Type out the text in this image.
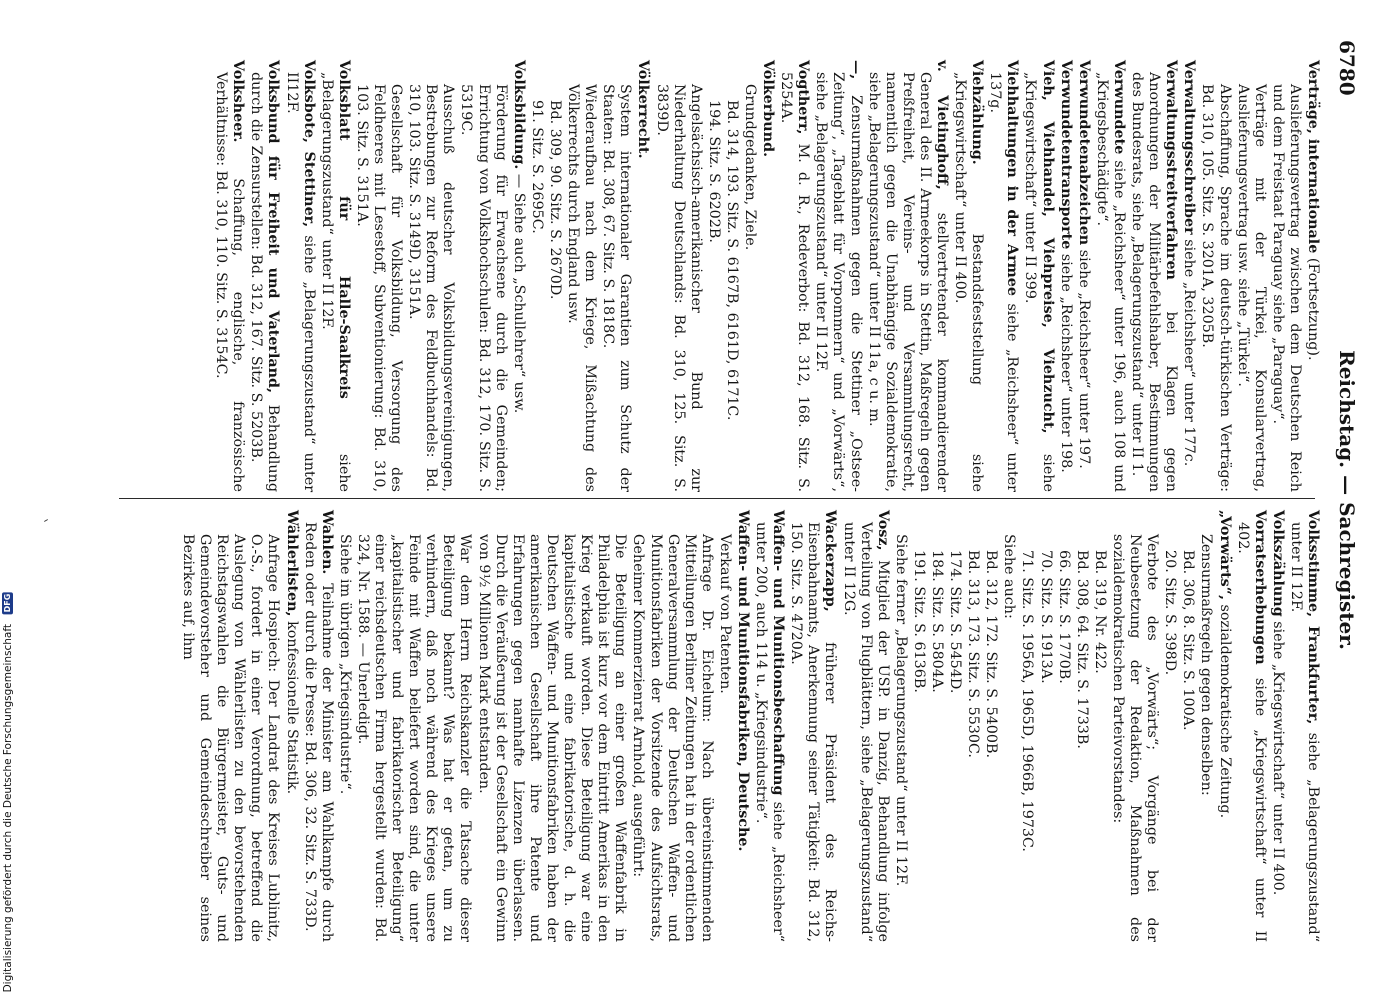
6780
Reichstag. — Sachregister.
Verträge, internationale (Fortsetzung).
Auslieferungsvertrag zwischen dem Deutschen Reich und dem Freistaat Paraguay siehe „Paraguay“.
Verträge mit der Türkei, Konsularvertrag, Auslieferungsvertrag usw. siehe „Türkei“.
Abschaffung, Sprache im deutsch-türkischen Verträge: Bd. 310, 105. Sitz. S. 3201A, 3205B.
Verwaltungsschreiber siehe „Reichsheer“ unter 177c.
Verwaltungsstreitverfahren bei Klagen gegen Anordnungen der Militärbefehlshaber, Bestimmungen des Bundesrats, siehe „Belagerungszustand“ unter II 1.
Verwundete siehe „Reichsheer“ unter 196, auch 108 und „Kriegsbeschädigte“.
Verwundetenabzeichen siehe „Reichsheer“ unter 197.
Verwundetentransporte siehe „Reichsheer“ unter 198.
Vieh, Viehhandel, Viehpreise, Viehzucht, siehe „Kriegswirtschaft“ unter II 399.
Viehhaltungen in der Armee siehe „Reichsheer“ unter 137g.
Viehzählung. Bestandsfeststellung siehe „Kriegswirtschaft“ unter II 400.
v. Vietinghoff, stellvertretender kommandierender General des II. Armeekorps in Stettin, Maßregeln gegen Preßfreiheit, Vereins- und Versammlungsrecht, namentlich gegen die Unabhängige Sozialdemokratie, siehe „Belagerungszustand“ unter II 11a, c u. m.
—, Zensurmaßnahmen gegen die Stettiner „Ostsee-Zeitung“, „Tageblatt für Vorpommern“ und „Vorwärts“, siehe „Belagerungszustand“ unter II 12F.
Vogtherr, M. d. R., Redeverbot: Bd. 312, 168. Sitz. S. 5254A.
Völkerbund.
Grundgedanken, Ziele.
Bd. 314, 193. Sitz. S. 6167B, 6161D, 6171C.
194. Sitz. S. 6202B.
Angelsächsisch-amerikanischer Bund zur Niederhaltung Deutschlands: Bd. 310, 125. Sitz. S. 3839D.
Völkerrecht.
System internationaler Garantien zum Schutz der Staaten: Bd. 308, 67. Sitz. S. 1818C.
Wiederaufbau nach dem Kriege, Mißachtung des Völkerrechts durch England usw.
Bd. 309, 90. Sitz. S. 2670D.
91. Sitz. S. 2695C.
Volksbildung. — Siehe auch „Schullehrer“ usw.
Förderung für Erwachsene durch die Gemeinden; Errichtung von Volkshochschulen: Bd. 312, 170. Sitz. S. 5319C.
Ausschuß deutscher Volksbildungsvereinigungen, Bestrebungen zur Reform des Feldbuchhandels: Bd. 310, 103. Sitz. S. 3149D, 3151A.
Gesellschaft für Volksbildung, Versorgung des Feldheeres mit Lesestoff, Subventionierung: Bd. 310, 103. Sitz. S. 3151A.
Volksblatt für Halle-Saalkreis siehe „Belagerungszustand“ unter II 12F.
Volksbote, Stettiner, siehe „Belagerungszustand“ unter II12F.
Volksbund für Freiheit und Vaterland, Behandlung durch die Zensurstellen: Bd. 312, 167. Sitz. S. 5203B.
Volksheer. Schaffung, englische, französische Verhältnisse: Bd. 310, 110. Sitz. S. 3154C.
Volksstimme, Frankfurter, siehe „Belagerungszustand“ unter II 12F.
Volkszählung siehe „Kriegswirtschaft“ unter II 400.
Vorratserhebungen siehe „Kriegswirtschaft“ unter II 402.
„Vorwärts“, sozialdemokratische Zeitung.
Zensurmaßregeln gegen denselben:
Bd. 306, 8. Sitz. S. 100A.
20. Sitz. S. 398D.
Verbote des „Vorwärts“; Vorgänge bei der Neubesetzung der Redaktion, Maßnahmen des sozialdemokratischen Parteivorstandes:
Bd. 319, Nr. 422.
Bd. 308, 64. Sitz. S. 1733B.
66. Sitz. S. 1770B.
70. Sitz. S. 1913A.
71. Sitz. S. 1956A, 1965D, 1966B, 1973C.
Siehe auch:
Bd. 312, 172. Sitz. S. 5400B.
Bd. 313, 173. Sitz. S. 5530C.
174. Sitz. S. 5454D.
184. Sitz. S. 5804A.
191. Sitz. S. 6136B.
Siehe ferner „Belagerungszustand“ unter II 12F.
Vosz, Mitglied der USP. in Danzig, Behandlung infolge Verteilung von Flugblättern, siehe „Belagerungszustand“ unter II 12G.
Wackerzapp, früherer Präsident des Reichs-Eisenbahnamts, Anerkennung seiner Tätigkeit: Bd. 312, 150. Sitz. S. 4720A.
Waffen- und Munitionsbeschaffung siehe „Reichsheer“ unter 200, auch 114 u. „Kriegsindustrie“.
Waffen- und Munitionsfabriken, Deutsche.
Verkauf von Patenten.
Anfrage Dr. Eichelum: Nach übereinstimmenden Mitteilungen Berliner Zeitungen hat in der ordentlichen Generalversammlung der Deutschen Waffen- und Munitionsfabriken der Vorsitzende des Aufsichtsrats, Geheimer Kommerzienrat Arnhold, ausgeführt:
Die Beteiligung an einer großen Waffenfabrik in Philadelphia ist kurz vor dem Eintritt Amerikas in den Krieg verkauft worden. Diese Beteiligung war eine kapitalistische und eine fabrikatorische, d. h. die Deutschen Waffen- und Munitionsfabriken haben der amerikanischen Gesellschaft ihre Patente und Erfahrungen gegen namhafte Lizenzen überlassen. Durch die Veräußerung ist der Gesellschaft ein Gewinn von 9½ Millionen Mark entstanden.
War dem Herrn Reichskanzler die Tatsache dieser Beteiligung bekannt? Was hat er getan, um zu verhindern, daß noch während des Krieges unsere Feinde mit Waffen beliefert worden sind, die unter „kapitalistischer und fabrikatorischer Beteiligung“ einer reichsdeutschen Firma hergestellt wurden: Bd. 324, Nr. 1588. — Unerledigt.
Siehe im übrigen „Kriegsindustrie“.
Wahlen. Teilnahme der Minister am Wahlkampfe durch Reden oder durch die Presse: Bd. 306, 32. Sitz. S. 733D.
Wählerlisten, konfessionelle Statistik.
Anfrage Hospiech: Der Landrat des Kreises Lublinitz, O.-S., fordert in einer Verordnung, betreffend die Auslegung von Wählerlisten zu den bevorstehenden Reichstagswahlen die Bürgermeister, Guts- und Gemeindevorsteher und Gemeindeschreiber seines Bezirkes auf, ihm
Digitalisierung gefördert durch die Deutsche Forschungsgemeinschaft DFG
